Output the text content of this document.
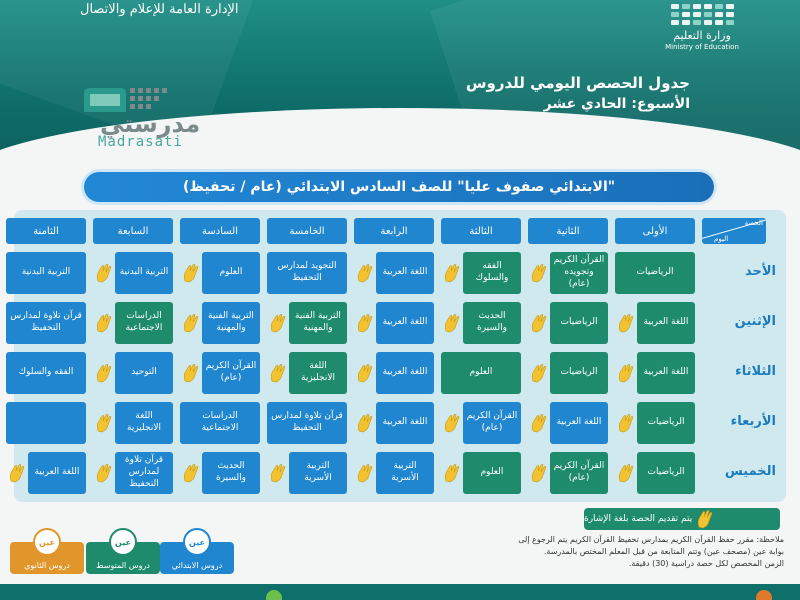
الإدارة العامة للإعلام والاتصال
وزارة التعليم
Ministry of Education
جدول الحصص اليومي للدروس
الأسبوع: الحادي عشر
مدرستي
Madrasati
"الابتدائي صفوف عليا" للصف السادس الابتدائي (عام / تحفيظ)
الحصة
اليوم
الأولى
الثانية
الثالثة
الرابعة
الخامسة
السادسة
السابعة
الثامنة
الأحد
الرياضيات
القرآن الكريم وتجويده (عام)
الفقه والسلوك
اللغة العربية
التجويد لمدارس التحفيظ
العلوم
التربية البدنية
التربية البدنية
الإثنين
اللغة العربية
الرياضيات
الحديث والسيرة
اللغة العربية
التربية الفنية والمهنية
التربية الفنية والمهنية
الدراسات الاجتماعية
قرآن تلاوة لمدارس التحفيظ
الثلاثاء
اللغة العربية
الرياضيات
العلوم
اللغة العربية
اللغة الانجليزية
القرآن الكريم (عام)
التوحيد
الفقه والسلوك
الأربعاء
الرياضيات
اللغة العربية
القرآن الكريم (عام)
اللغة العربية
قرآن تلاوة لمدارس التحفيظ
الدراسات الاجتماعية
اللغة الانجليزية
الخميس
الرياضيات
القرآن الكريم (عام)
العلوم
التربية الأسرية
التربية الأسرية
الحديث والسيرة
قرآن تلاوة لمدارس التحفيظ
اللغة العربية
يتم تقديم الحصة بلغة الإشارة
ملاحظة: مقرر حفظ القرآن الكريم بمدارس تحفيظ القرآن الكريم يتم الرجوع إلى
بوابة عين (مصحف عين) وتتم المتابعة من قبل المعلم المختص بالمدرسة.
الزمن المخصص لكل حصة دراسية (30) دقيقة.
دروس الابتدائي
عين
دروس المتوسط
عين
دروس الثانوي
عين
